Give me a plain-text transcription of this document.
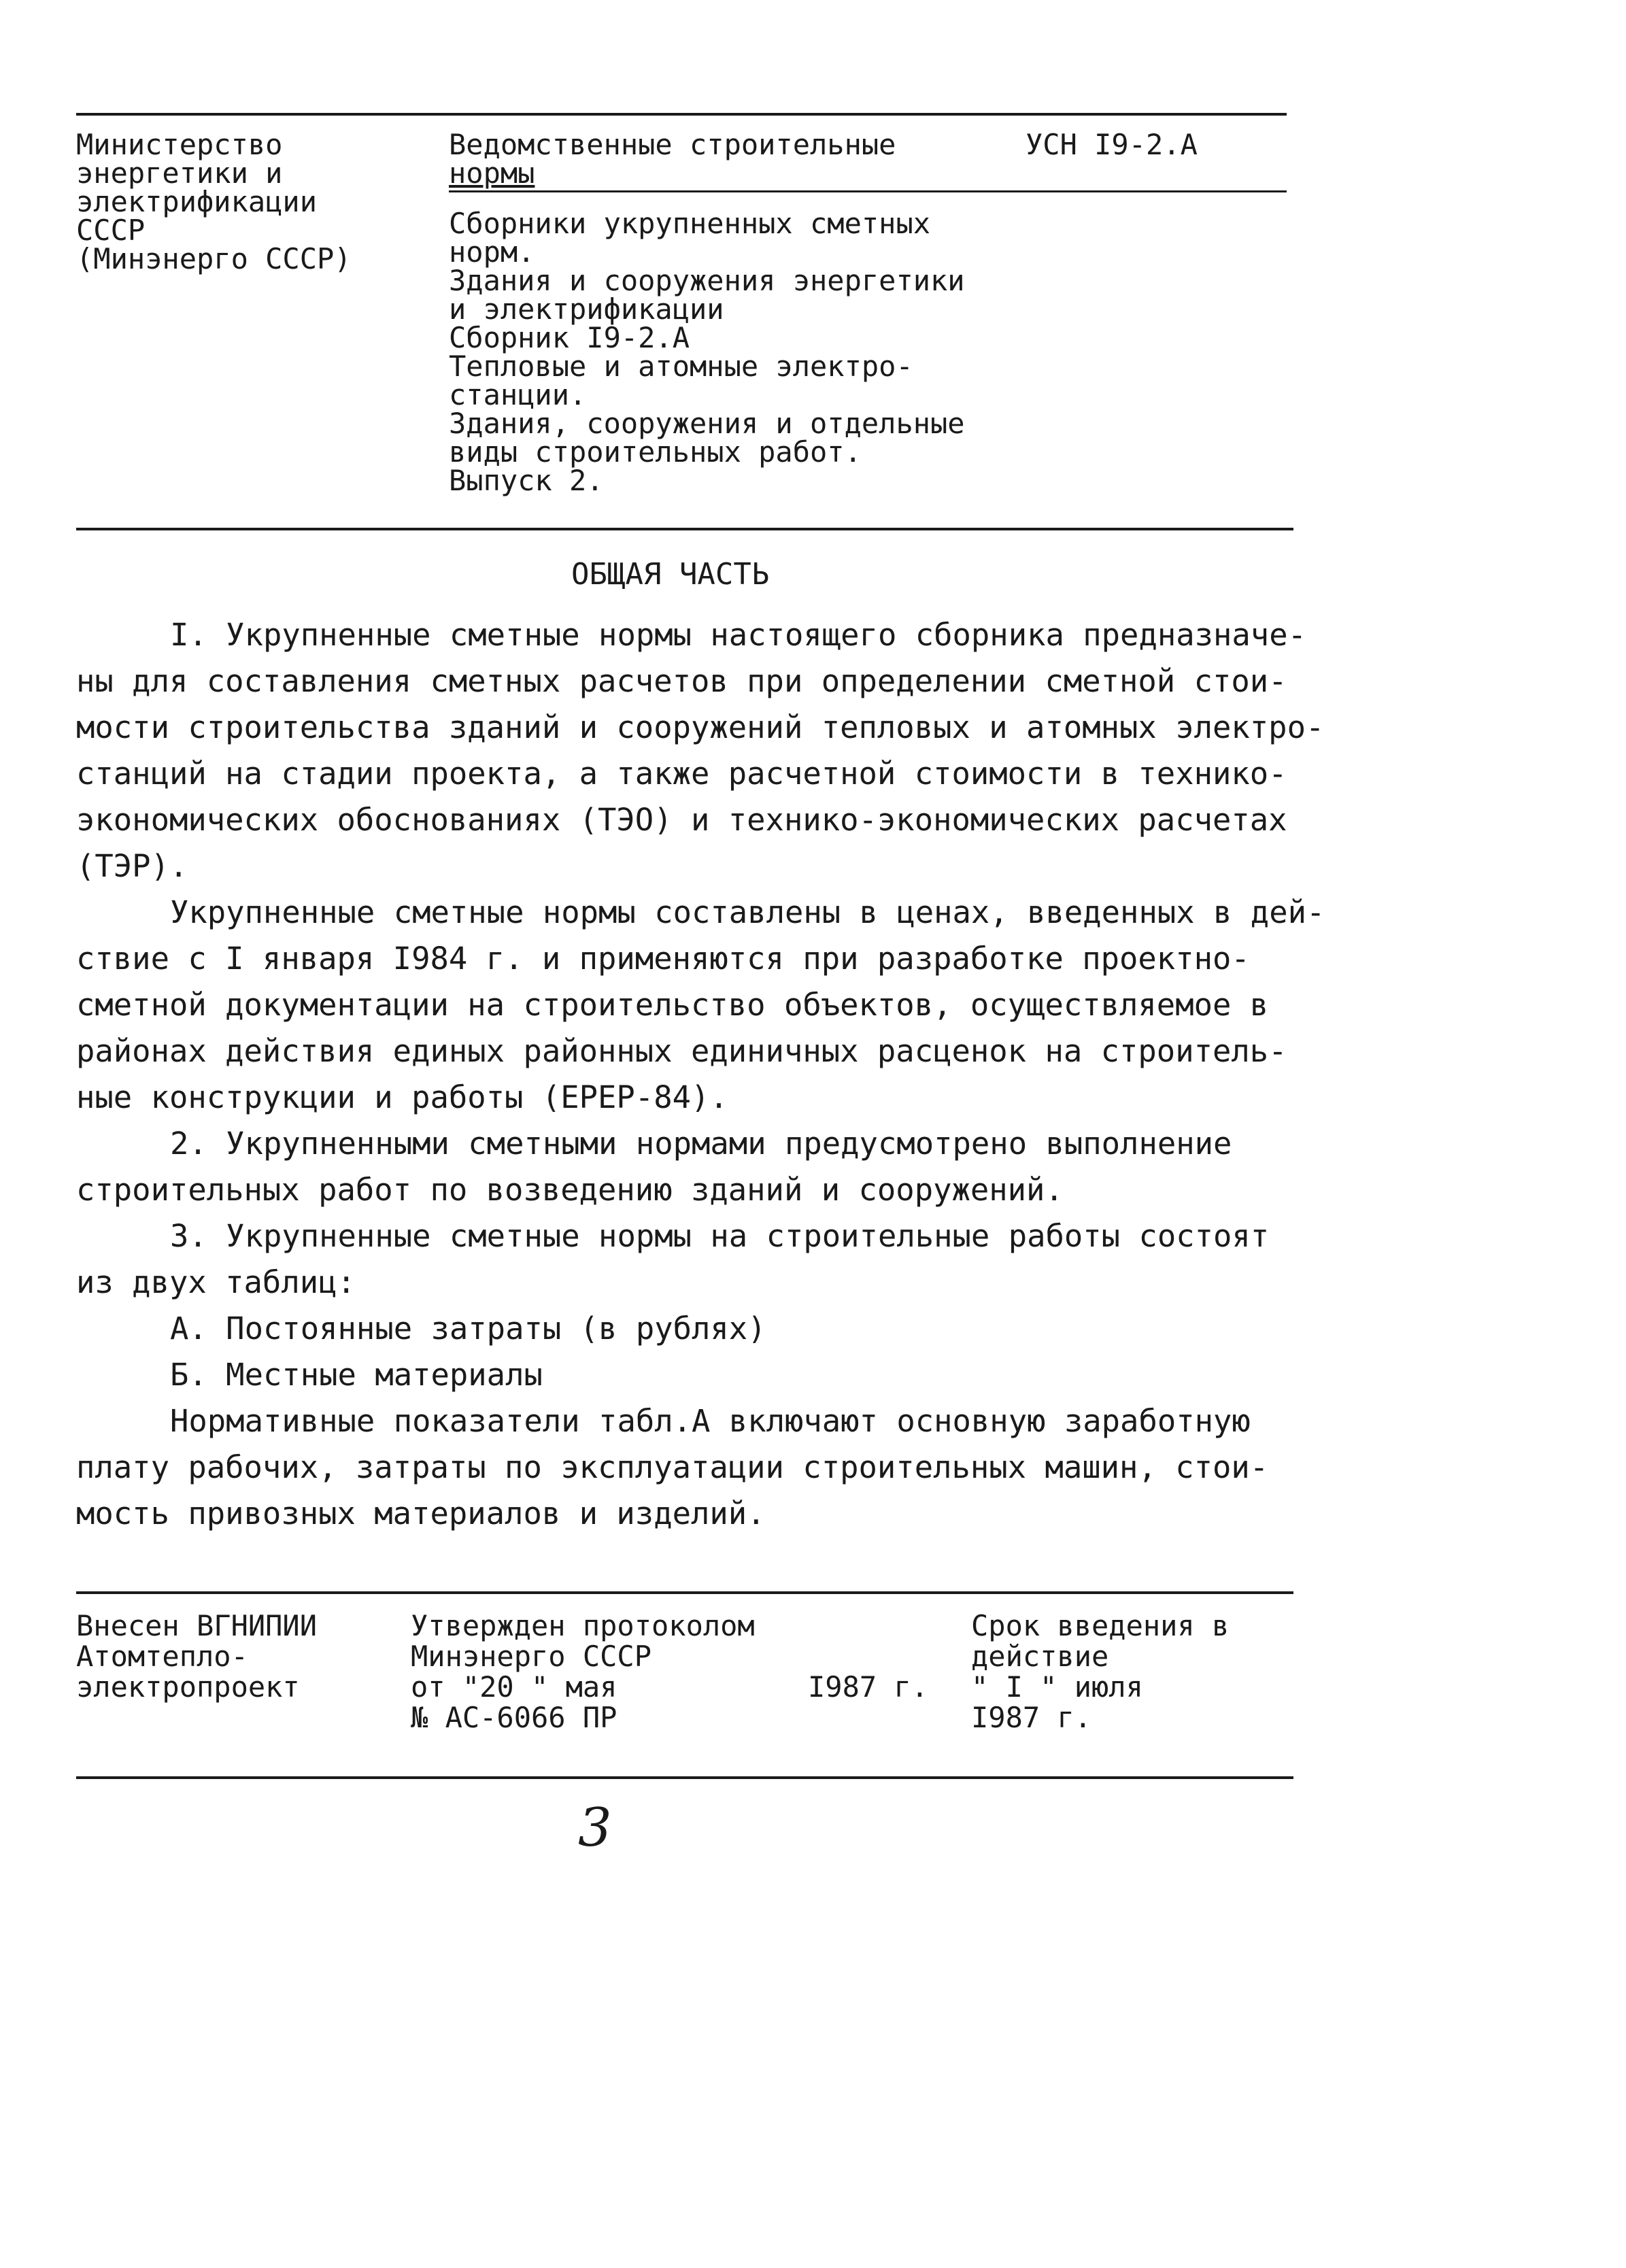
Министерство
энергетики и
электрификации
СССР
(Минэнерго СССР)
Ведомственные строительные
нормы
УСН I9-2.А
Сборники укрупненных сметных
норм.
Здания и сооружения энергетики
и электрификации
Сборник I9-2.А
Тепловые и атомные электро-
станции.
Здания, сооружения и отдельные
виды строительных работ.
Выпуск 2.
ОБЩАЯ ЧАСТЬ
I. Укрупненные сметные нормы настоящего сборника предназначе-
ны для составления сметных расчетов при определении сметной стои-
мости строительства зданий и сооружений тепловых и атомных электро-
станций на стадии проекта, а также расчетной стоимости в технико-
экономических обоснованиях (ТЭО) и технико-экономических расчетах
(ТЭР).
Укрупненные сметные нормы составлены в ценах, введенных в дей-
ствие с I января I984 г. и применяются при разработке проектно-
сметной документации на строительство объектов, осуществляемое в
районах действия единых районных единичных расценок на строитель-
ные конструкции и работы (ЕРЕР-84).
2. Укрупненными сметными нормами предусмотрено выполнение
строительных работ по возведению зданий и сооружений.
3. Укрупненные сметные нормы на строительные работы состоят
из двух таблиц:
А. Постоянные затраты (в рублях)
Б. Местные материалы
Нормативные показатели табл.А включают основную заработную
плату рабочих, затраты по эксплуатации строительных машин, стои-
мость привозных материалов и изделий.
Внесен ВГНИПИИ
Атомтепло-
электропроект
Утвержден протоколом
Минэнерго СССР
от "20 " мая
№ АС-6066 ПР
I987 г.
Срок введения в
действие
" I " июля
I987 г.
3
